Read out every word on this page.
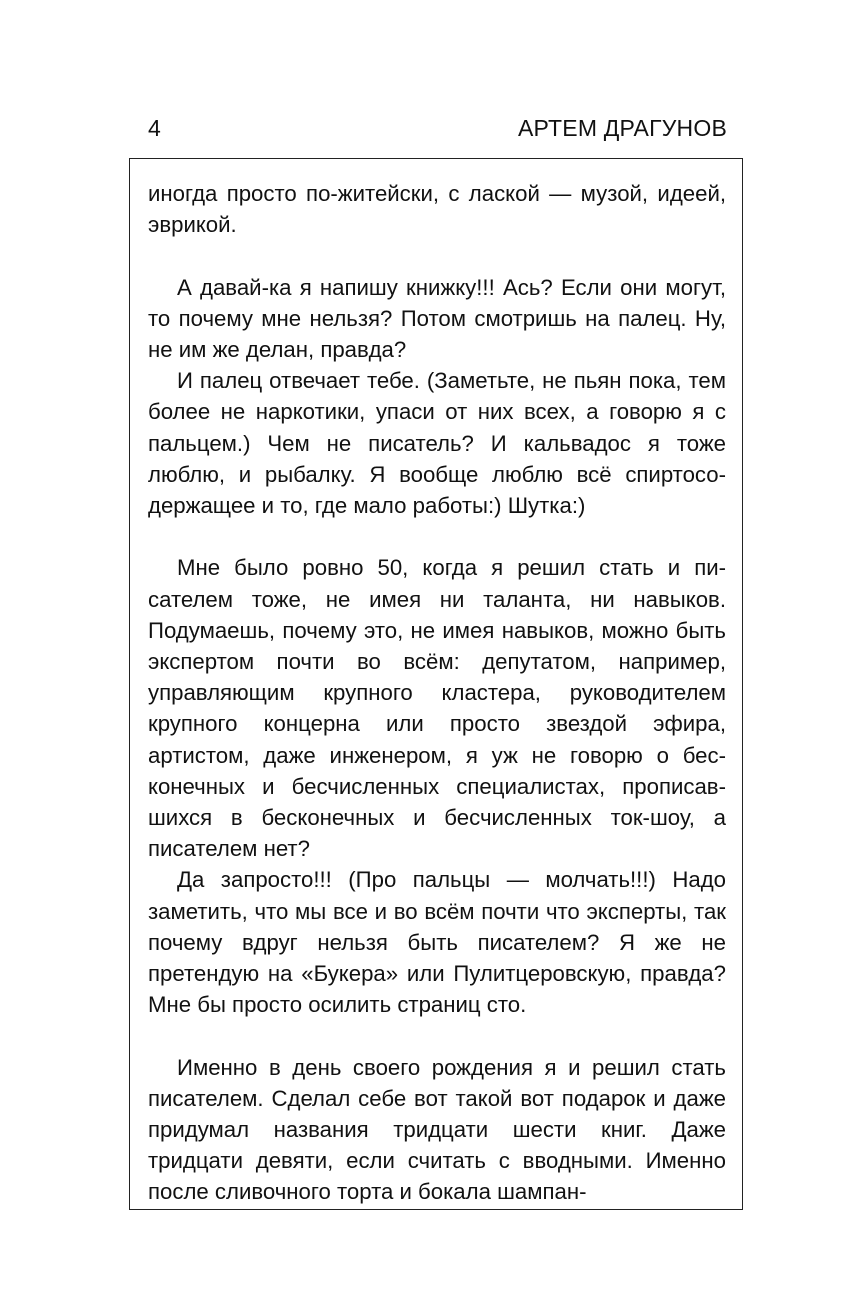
4	АРТЕМ ДРАГУНОВ

иногда просто по-житейски, с лаской — музой, идеей, эврикой.

А давай-ка я напишу книжку!!! Ась? Если они могут, то почему мне нельзя? Потом смотришь на палец. Ну, не им же делан, правда?

И палец отвечает тебе. (Заметьте, не пьян пока, тем более не наркотики, упаси от них всех, а говорю я с пальцем.) Чем не писатель? И кальвадос я тоже люблю, и рыбалку. Я вообще люблю всё спиртосодержащее и то, где мало работы:) Шутка:)

Мне было ровно 50, когда я решил стать и писателем тоже, не имея ни таланта, ни навыков. Подумаешь, почему это, не имея навыков, можно быть экспертом почти во всём: депутатом, например, управляющим крупного кластера, руководителем крупного концерна или просто звездой эфира, артистом, даже инженером, я уж не говорю о бесконечных и бесчисленных специалистах, прописавшихся в бесконечных и бесчисленных ток-шоу, а писателем нет?

Да запросто!!! (Про пальцы — молчать!!!) Надо заметить, что мы все и во всём почти что эксперты, так почему вдруг нельзя быть писателем? Я же не претендую на «Букера» или Пулитцеровскую, правда? Мне бы просто осилить страниц сто.

Именно в день своего рождения я и решил стать писателем. Сделал себе вот такой вот подарок и даже придумал названия тридцати шести книг. Даже тридцати девяти, если считать с вводными. Именно после сливочного торта и бокала шампан-
